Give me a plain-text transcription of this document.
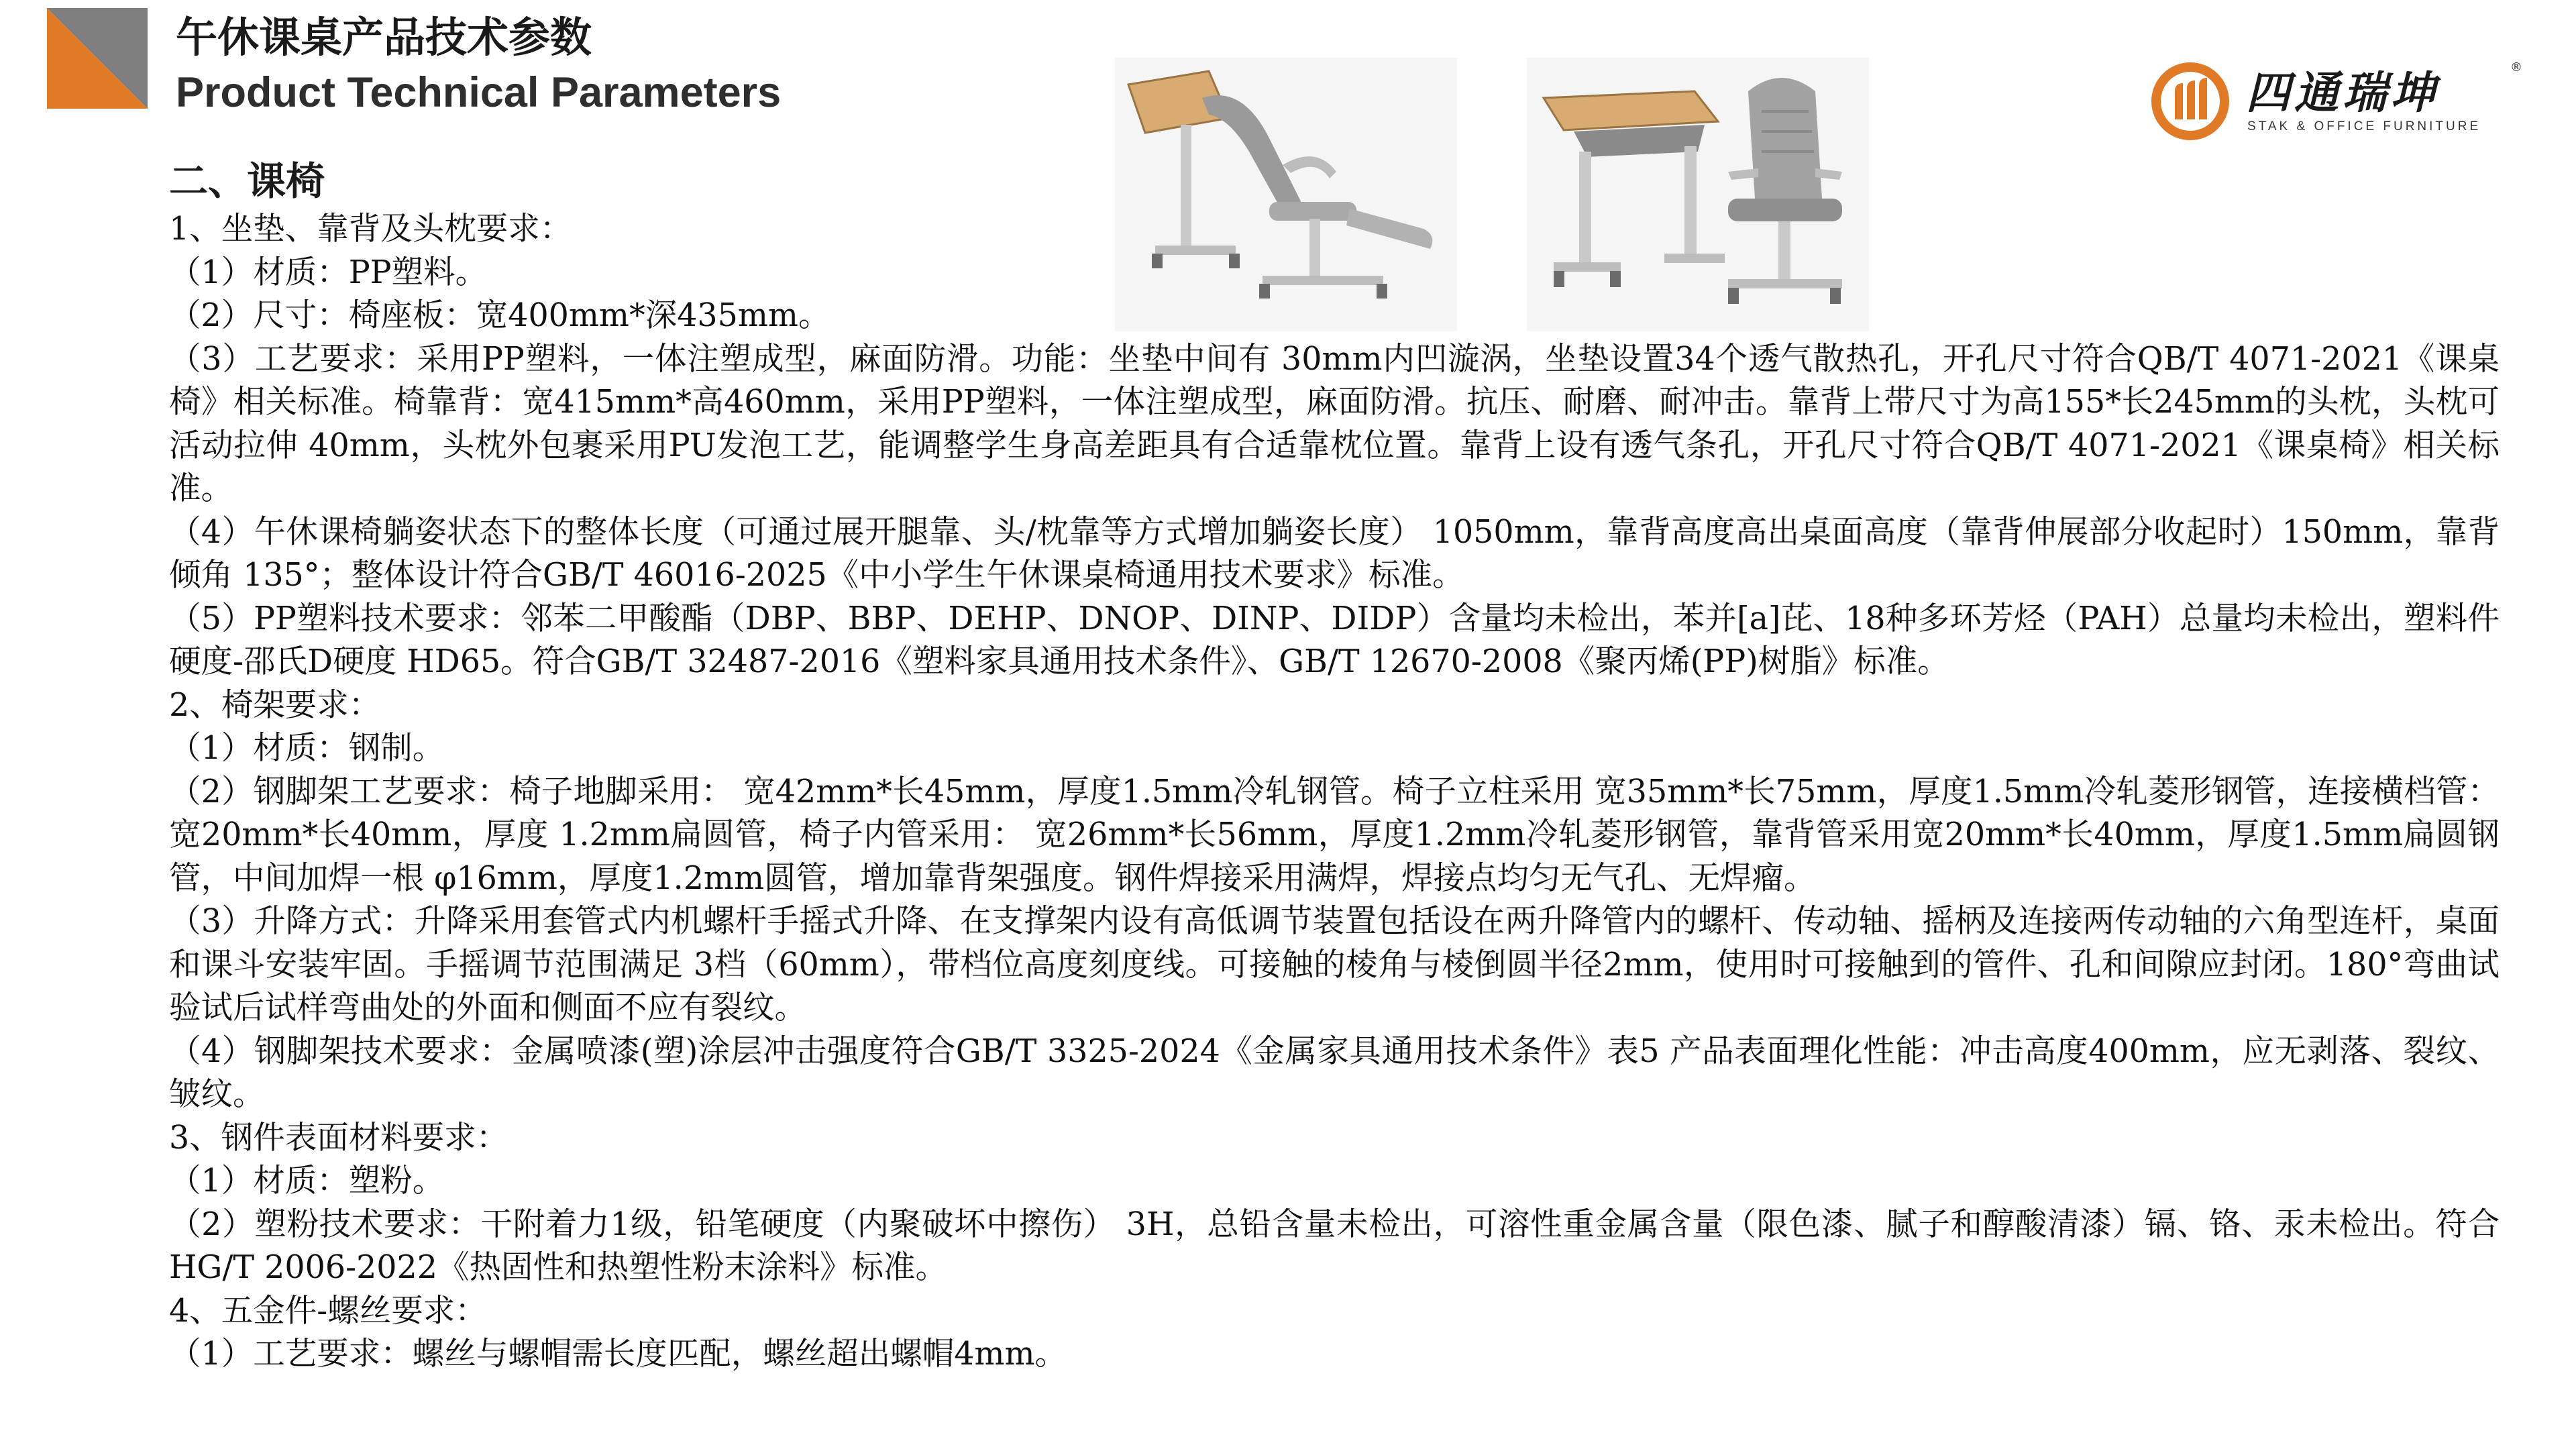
午休课桌产品技术参数
Product Technical Parameters	四通瑞坤	®
STAK & OFFICE FURNITURE
二、课椅

1、坐垫、靠背及头枕要求：

（1）材质：PP塑料。

（2）尺寸：椅座板：宽400mm*深435mm。

（3）工艺要求：采用PP塑料，一体注塑成型，麻面防滑。功能：坐垫中间有 30mm内凹漩涡，坐垫设置34个透气散热孔，开孔尺寸符合QB/T 4071-2021《课桌椅》相关标准。椅靠背：宽415mm*高460mm，采用PP塑料，一体注塑成型，麻面防滑。抗压、耐磨、耐冲击。靠背上带尺寸为高155*长245mm的头枕，头枕可活动拉伸 40mm，头枕外包裹采用PU发泡工艺，能调整学生身高差距具有合适靠枕位置。靠背上设有透气条孔，开孔尺寸符合QB/T 4071-2021《课桌椅》相关标准。

（4）午休课椅躺姿状态下的整体长度（可通过展开腿靠、头/枕靠等方式增加躺姿长度） 1050mm，靠背高度高出桌面高度（靠背伸展部分收起时）150mm，靠背倾角 135°；整体设计符合GB/T 46016-2025《中小学生午休课桌椅通用技术要求》标准。

（5）PP塑料技术要求：邻苯二甲酸酯（DBP、BBP、DEHP、DNOP、DINP、DIDP）含量均未检出，苯并[a]芘、18种多环芳烃（PAH）总量均未检出，塑料件硬度-邵氏D硬度 HD65。符合GB/T 32487-2016《塑料家具通用技术条件》、GB/T 12670-2008《聚丙烯(PP)树脂》标准。

2、椅架要求：

（1）材质：钢制。

（2）钢脚架工艺要求：椅子地脚采用： 宽42mm*长45mm，厚度1.5mm冷轧钢管。椅子立柱采用 宽35mm*长75mm，厚度1.5mm冷轧菱形钢管，连接横档管：宽20mm*长40mm，厚度 1.2mm扁圆管，椅子内管采用： 宽26mm*长56mm，厚度1.2mm冷轧菱形钢管，靠背管采用宽20mm*长40mm，厚度1.5mm扁圆钢管，中间加焊一根 φ16mm，厚度1.2mm圆管，增加靠背架强度。钢件焊接采用满焊，焊接点均匀无气孔、无焊瘤。

（3）升降方式：升降采用套管式内机螺杆手摇式升降、在支撑架内设有高低调节装置包括设在两升降管内的螺杆、传动轴、摇柄及连接两传动轴的六角型连杆，桌面和课斗安装牢固。手摇调节范围满足 3档（60mm），带档位高度刻度线。可接触的棱角与棱倒圆半径2mm，使用时可接触到的管件、孔和间隙应封闭。180°弯曲试验试后试样弯曲处的外面和侧面不应有裂纹。

（4）钢脚架技术要求：金属喷漆(塑)涂层冲击强度符合GB/T 3325-2024《金属家具通用技术条件》表5 产品表面理化性能：冲击高度400mm，应无剥落、裂纹、皱纹。

3、钢件表面材料要求：

（1）材质：塑粉。

（2）塑粉技术要求：干附着力1级，铅笔硬度（内聚破坏中擦伤） 3H，总铅含量未检出，可溶性重金属含量（限色漆、腻子和醇酸清漆）镉、铬、汞未检出。符合HG/T 2006-2022《热固性和热塑性粉末涂料》标准。

4、五金件-螺丝要求：

（1）工艺要求：螺丝与螺帽需长度匹配，螺丝超出螺帽4mm。
